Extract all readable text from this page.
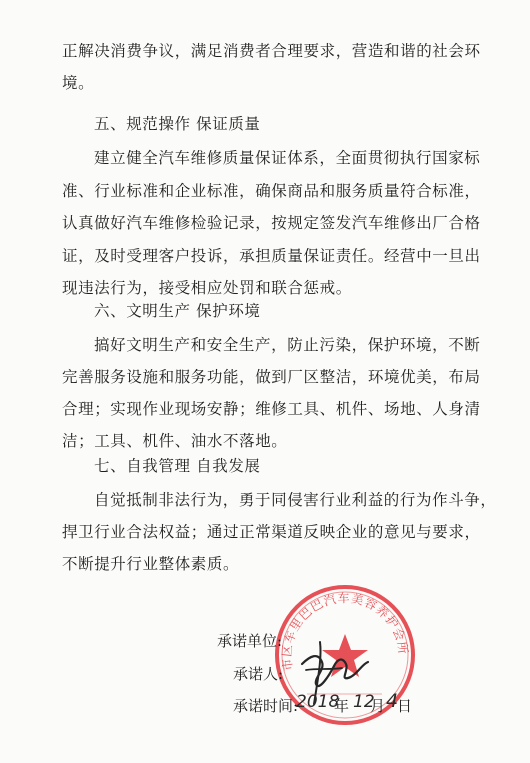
正解决消费争议，满足消费者合理要求，营造和谐的社会环
境。
五、规范操作 保证质量
建立健全汽车维修质量保证体系，全面贯彻执行国家标
准、行业标准和企业标准，确保商品和服务质量符合标准，
认真做好汽车维修检验记录，按规定签发汽车维修出厂合格
证，及时受理客户投诉，承担质量保证责任。经营中一旦出
现违法行为，接受相应处罚和联合惩戒。
六、文明生产 保护环境
搞好文明生产和安全生产，防止污染，保护环境，不断
完善服务设施和服务功能，做到厂区整洁，环境优美，布局
合理；实现作业现场安静；维修工具、机件、场地、人身清
洁；工具、机件、油水不落地。
七、自我管理 自我发展
自觉抵制非法行为，勇于同侵害行业利益的行为作斗争，
捍卫行业合法权益；通过正常渠道反映企业的意见与要求，
不断提升行业整体素质。
市区车里巴巴汽车美容养护会所
承诺单位:
承诺人:
承诺时间:
2018
年 12
月 4
日
